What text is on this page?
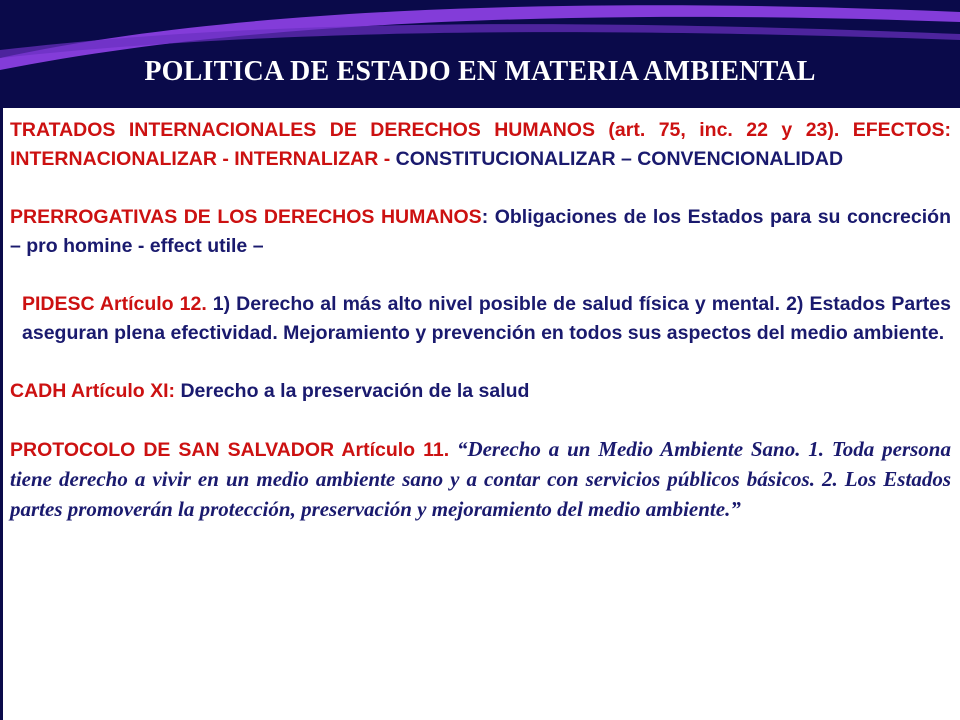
POLITICA DE ESTADO EN MATERIA AMBIENTAL

TRATADOS INTERNACIONALES DE DERECHOS HUMANOS (art. 75, inc. 22 y 23). EFECTOS: INTERNACIONALIZAR - INTERNALIZAR - CONSTITUCIONALIZAR – CONVENCIONALIDAD

PRERROGATIVAS DE LOS DERECHOS HUMANOS: Obligaciones de los Estados para su concreción – pro homine - effect utile –

PIDESC Artículo 12. 1) Derecho al más alto nivel posible de salud física y mental. 2) Estados Partes aseguran plena efectividad. Mejoramiento y prevención en todos sus aspectos del medio ambiente.

CADH Artículo XI: Derecho a la preservación de la salud

PROTOCOLO DE SAN SALVADOR Artículo 11. “Derecho a un Medio Ambiente Sano. 1. Toda persona tiene derecho a vivir en un medio ambiente sano y a contar con servicios públicos básicos. 2. Los Estados partes promoverán la protección, preservación y mejoramiento del medio ambiente.”
